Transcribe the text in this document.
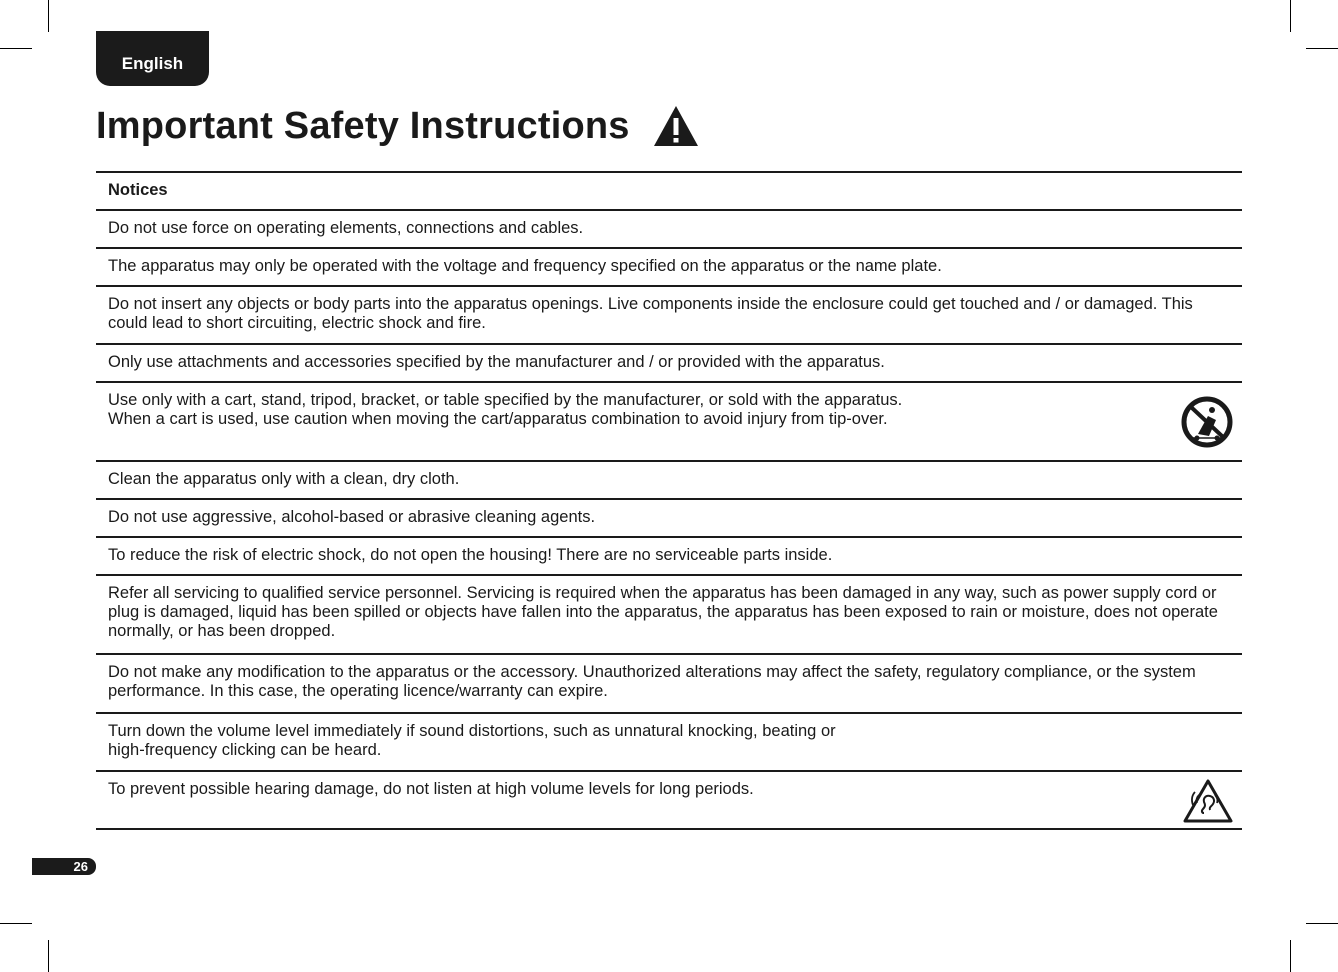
English
Important Safety Instructions
Notices
Do not use force on operating elements, connections and cables.
The apparatus may only be operated with the voltage and frequency specified on the apparatus or the name plate.
Do not insert any objects or body parts into the apparatus openings. Live components inside the enclosure could get touched and / or damaged. This could lead to short circuiting, electric shock and fire.
Only use attachments and accessories specified by the manufacturer and / or provided with the apparatus.
Use only with a cart, stand, tripod, bracket, or table specified by the manufacturer, or sold with the apparatus.
When a cart is used, use caution when moving the cart/apparatus combination to avoid injury from tip-over.
Clean the apparatus only with a clean, dry cloth.
Do not use aggressive, alcohol-based or abrasive cleaning agents.
To reduce the risk of electric shock, do not open the housing! There are no serviceable parts inside.
Refer all servicing to qualified service personnel. Servicing is required when the apparatus has been damaged in any way, such as power supply cord or plug is damaged, liquid has been spilled or objects have fallen into the apparatus, the apparatus has been exposed to rain or moisture, does not operate normally, or has been dropped.
Do not make any modification to the apparatus or the accessory. Unauthorized alterations may affect the safety, regulatory compliance, or the system performance. In this case, the operating licence/warranty can expire.
Turn down the volume level immediately if sound distortions, such as unnatural knocking, beating or
high-frequency clicking can be heard.
To prevent possible hearing damage, do not listen at high volume levels for long periods.
26
